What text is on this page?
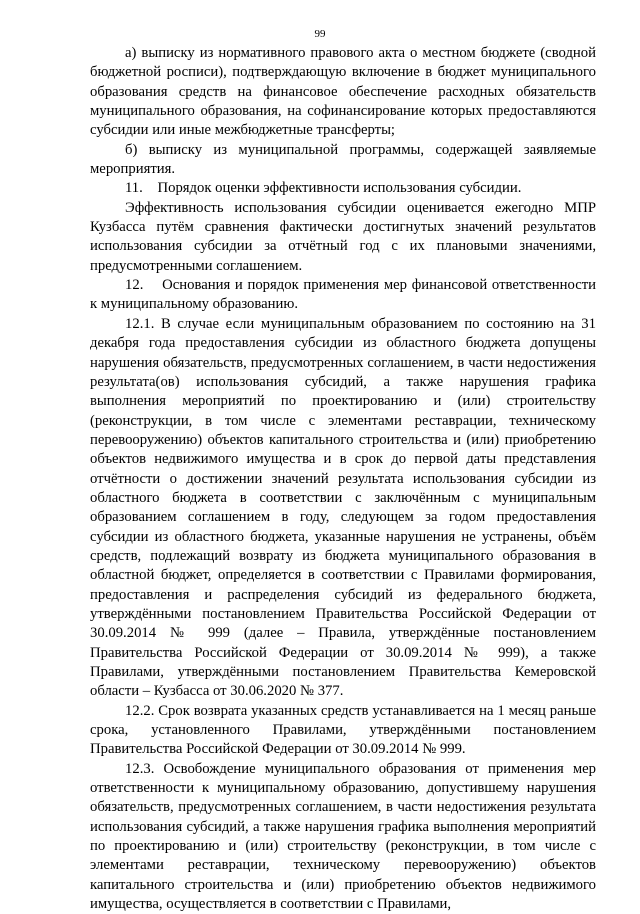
99

а) выписку из нормативного правового акта о местном бюджете (сводной бюджетной росписи), подтверждающую включение в бюджет муниципального образования средств на финансовое обеспечение расходных обязательств муниципального образования, на софинансирование которых предоставляются субсидии или иные межбюджетные трансферты;

б) выписку из муниципальной программы, содержащей заявляемые мероприятия.

11.    Порядок оценки эффективности использования субсидии.

Эффективность использования субсидии оценивается ежегодно МПР Кузбасса путём сравнения фактически достигнутых значений результатов использования субсидии за отчётный год с их плановыми значениями, предусмотренными соглашением.

12.    Основания и порядок применения мер финансовой ответственности к муниципальному образованию.

12.1. В случае если муниципальным образованием по состоянию на 31 декабря года предоставления субсидии из областного бюджета допущены нарушения обязательств, предусмотренных соглашением, в части недостижения результата(ов) использования субсидий, а также нарушения графика выполнения мероприятий по проектированию и (или) строительству (реконструкции, в том числе с элементами реставрации, техническому перевооружению) объектов капитального строительства и (или) приобретению объектов недвижимого имущества и в срок до первой даты представления отчётности о достижении значений результата использования субсидии из областного бюджета в соответствии с заключённым с муниципальным образованием соглашением в году, следующем за годом предоставления субсидии из областного бюджета, указанные нарушения не устранены, объём средств, подлежащий возврату из бюджета муниципального образования в областной бюджет, определяется в соответствии с Правилами формирования, предоставления и распределения субсидий из федерального бюджета, утверждёнными постановлением Правительства Российской Федерации от 30.09.2014 № 999 (далее – Правила, утверждённые постановлением Правительства Российской Федерации от 30.09.2014 № 999), а также Правилами, утверждёнными постановлением Правительства Кемеровской области – Кузбасса от 30.06.2020 № 377.

12.2. Срок возврата указанных средств устанавливается на 1 месяц раньше срока, установленного Правилами, утверждёнными постановлением Правительства Российской Федерации от 30.09.2014 № 999.

12.3. Освобождение муниципального образования от применения мер ответственности к муниципальному образованию, допустившему нарушения обязательств, предусмотренных соглашением, в части недостижения результата использования субсидий, а также нарушения графика выполнения мероприятий по проектированию и (или) строительству (реконструкции, в том числе с элементами реставрации, техническому перевооружению) объектов капитального строительства и (или) приобретению объектов недвижимого имущества, осуществляется в соответствии с Правилами,
